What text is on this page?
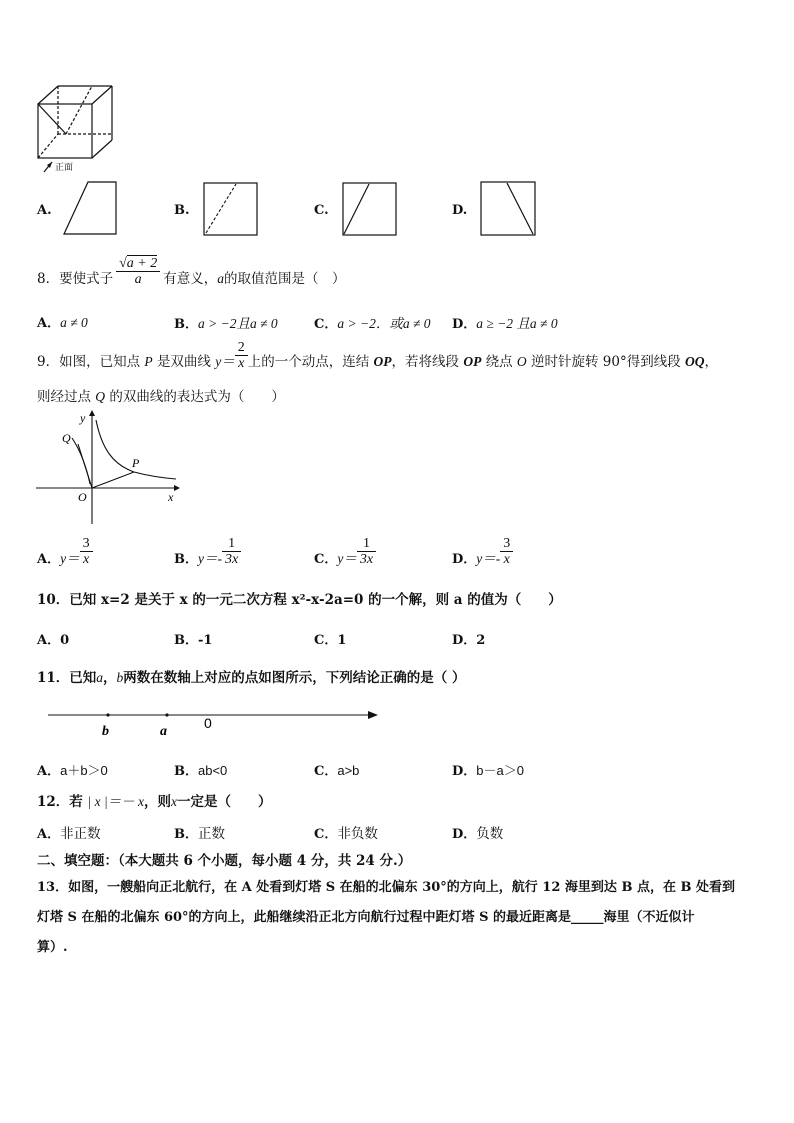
正面
A.	B.	C.	D.
8．要使式子 $\frac{√a + 2}{a}$ 有意义，a的取值范围是（　）
A．a ≠ 0	B．a > −2且a ≠ 0	C．a > −2．或a ≠ 0 D．a ≥ −2 且a ≠ 0
9．如图，已知点 P 是双曲线 $y= \frac{2}{x}$ 上的一个动点，连结 OP，若将线段 OP 绕点 O 逆时针旋转 90°得到线段 OQ，
则经过点 Q 的双曲线的表达式为（　　）
y
x
O
P
Q
A．$y= \frac{3}{x}$	B．$y=- \frac{1}{3x}$	C．$y= \frac{1}{3x}$	D．$y=- \frac{3}{x}$
10．已知 x=2 是关于 x 的一元二次方程 x²-x-2a=0 的一个解，则 a 的值为（　　）
A．0	B．-1	C．1	D．2
11．已知a，b两数在数轴上对应的点如图所示，下列结论正确的是（ ）
b	a
0
A．a＋b＞0	B．ab<0	C．a>b	D．b－a＞0
12．若 | x |＝－ x，则x一定是（　　）
A．非正数	B．正数	C．非负数	D．负数
二、填空题：（本大题共 6 个小题，每小题 4 分，共 24 分.）
13．如图，一艘船向正北航行，在 A 处看到灯塔 S 在船的北偏东 30°的方向上，航行 12 海里到达 B 点，在 B 处看到
灯塔 S 在船的北偏东 60°的方向上，此船继续沿正北方向航行过程中距灯塔 S 的最近距离是_____海里（不近似计
算）.
